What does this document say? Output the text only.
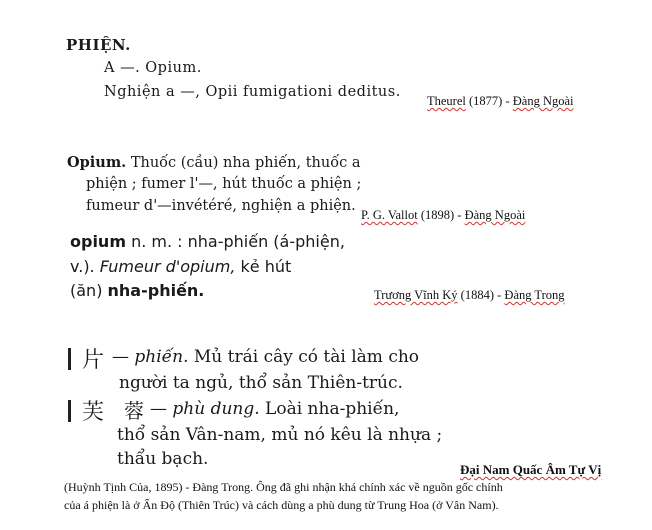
PHIỆN.
A —. Opium.
Nghiện a —, Opii fumigationi deditus.
Theurel (1877) - Đàng Ngoài
Opium. Thuốc (cầu) nha phiến, thuốc a
phiện ; fumer l'—, hút thuốc a phiện ;
fumeur d'—invétéré, nghiện a phiện.
P. G. Vallot (1898) - Đàng Ngoài
opium n. m. : nha-phiến (á-phiện,
v.). Fumeur d'opium, kẻ hút
(ăn) nha-phiến.	Trương Vĩnh Ký (1884) - Đàng Trong
片 — phiến. Mủ trái cây có tài làm cho
người ta ngủ, thổ sản Thiên-trúc.
芙 蓉 — phù dung. Loài nha-phiến,
thổ sản Vân-nam, mủ nó kêu là nhựa ;
thẩu bạch.
Đại Nam Quấc Âm Tự Vị
(Huỳnh Tịnh Của, 1895) - Đàng Trong. Ông đã ghi nhận khá chính xác về nguồn gốc chính
của á phiện là ở Ấn Độ (Thiên Trúc) và cách dùng a phù dung từ Trung Hoa (ở Vân Nam).
